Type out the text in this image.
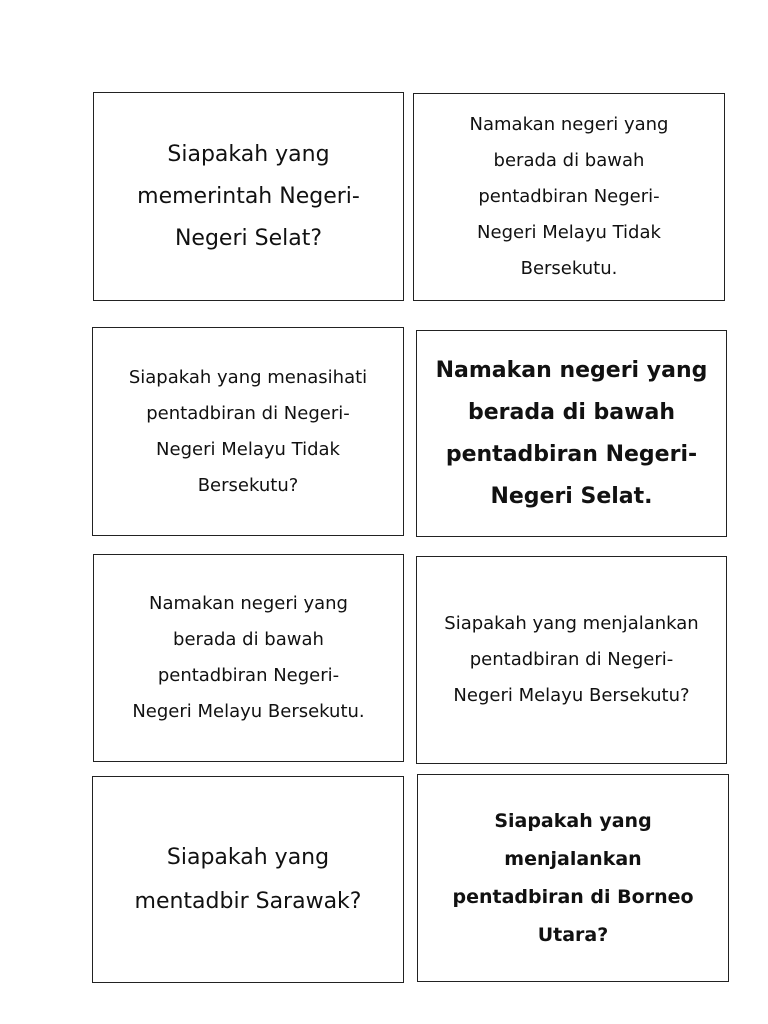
Siapakah yang
memerintah Negeri-
Negeri Selat?

Namakan negeri yang
berada di bawah
pentadbiran Negeri-
Negeri Melayu Tidak
Bersekutu.

Siapakah yang menasihati
pentadbiran di Negeri-
Negeri Melayu Tidak
Bersekutu?

Namakan negeri yang
berada di bawah
pentadbiran Negeri-
Negeri Selat.

Namakan negeri yang
berada di bawah
pentadbiran Negeri-
Negeri Melayu Bersekutu.

Siapakah yang menjalankan
pentadbiran di Negeri-
Negeri Melayu Bersekutu?

Siapakah yang
mentadbir Sarawak?

Siapakah yang
menjalankan
pentadbiran di Borneo
Utara?
